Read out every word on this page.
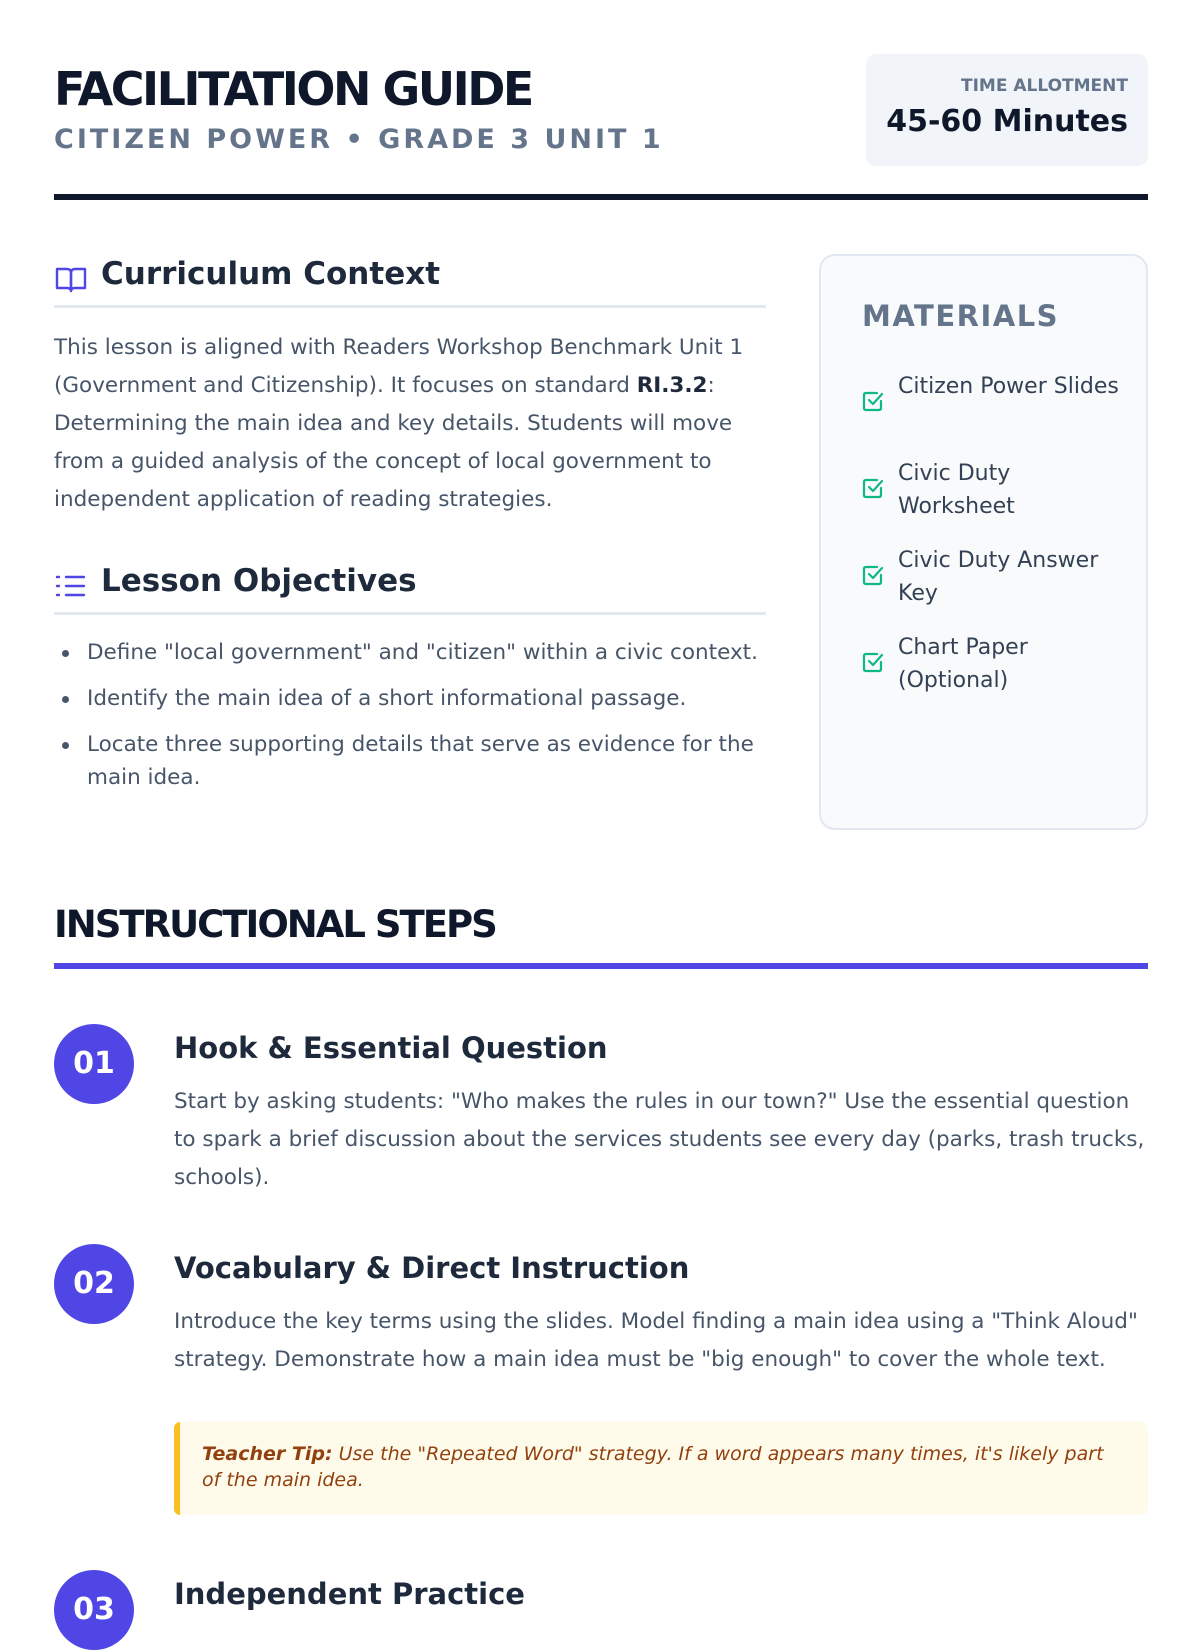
FACILITATION GUIDE
CITIZEN POWER • GRADE 3 UNIT 1
TIME ALLOTMENT
45-60 Minutes
Curriculum Context

This lesson is aligned with Readers Workshop Benchmark Unit 1 (Government and Citizenship). It focuses on standard RI.3.2: Determining the main idea and key details. Students will move from a guided analysis of the concept of local government to independent application of reading strategies.

Lesson Objectives
Define "local government" and "citizen" within a civic context.
Identify the main idea of a short informational passage.
Locate three supporting details that serve as evidence for the main idea.
MATERIALS
Citizen Power Slides
Civic Duty Worksheet
Civic Duty Answer Key
Chart Paper (Optional)
INSTRUCTIONAL STEPS
01	Hook & Essential Question

Start by asking students: "Who makes the rules in our town?" Use the essential question to spark a brief discussion about the services students see every day (parks, trash trucks, schools).

02	Vocabulary & Direct Instruction

Introduce the key terms using the slides. Model finding a main idea using a "Think Aloud" strategy. Demonstrate how a main idea must be "big enough" to cover the whole text.

Teacher Tip: Use the "Repeated Word" strategy. If a word appears many times, it's likely part of the main idea.
03	Independent Practice
